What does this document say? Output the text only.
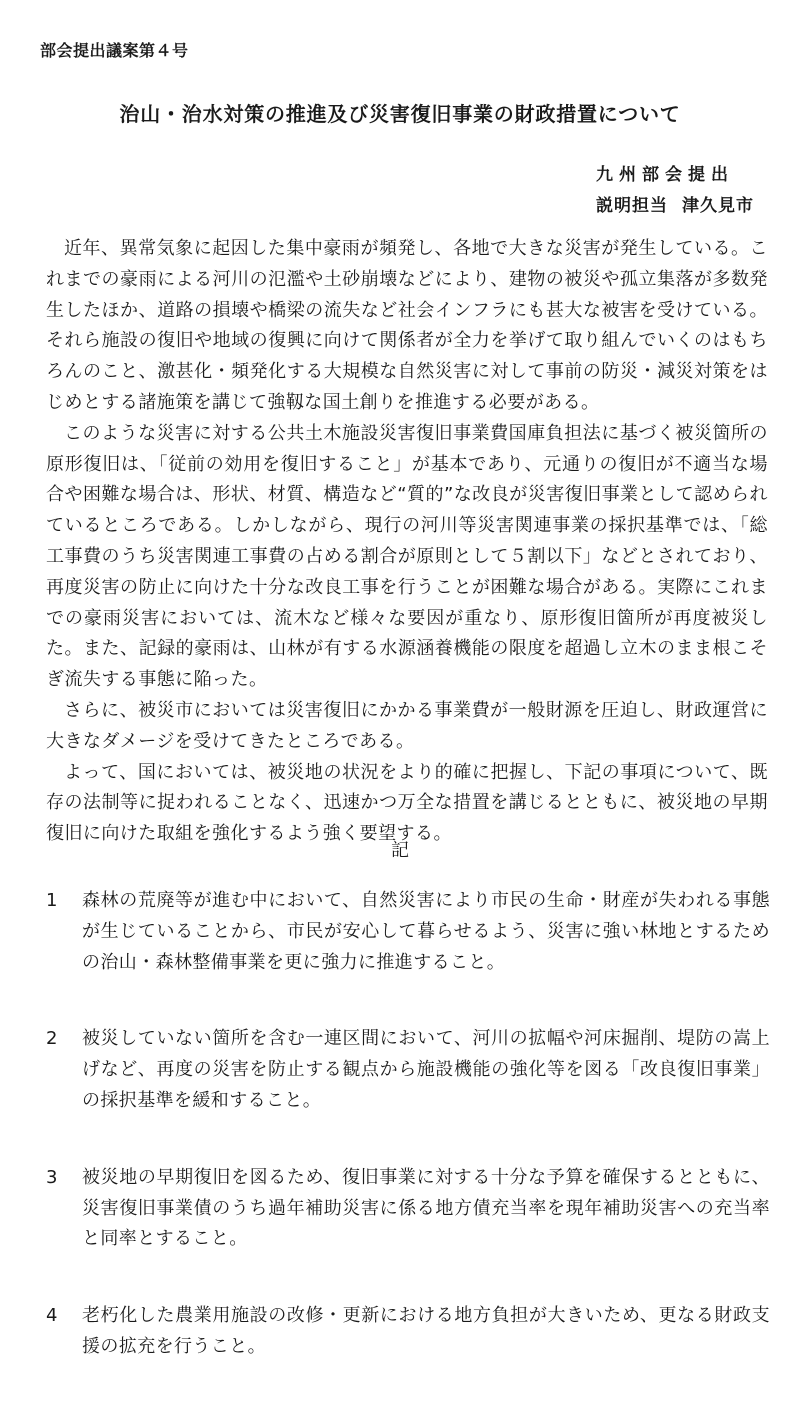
部会提出議案第４号
治山・治水対策の推進及び災害復旧事業の財政措置について
九州部会提出
説明担当 津久見市

近年、異常気象に起因した集中豪雨が頻発し、各地で大きな災害が発生している。これまでの豪雨による河川の氾濫や土砂崩壊などにより、建物の被災や孤立集落が多数発生したほか、道路の損壊や橋梁の流失など社会インフラにも甚大な被害を受けている。それら施設の復旧や地域の復興に向けて関係者が全力を挙げて取り組んでいくのはもちろんのこと、激甚化・頻発化する大規模な自然災害に対して事前の防災・減災対策をはじめとする諸施策を講じて強靱な国土創りを推進する必要がある。

このような災害に対する公共土木施設災害復旧事業費国庫負担法に基づく被災箇所の原形復旧は、「従前の効用を復旧すること」が基本であり、元通りの復旧が不適当な場合や困難な場合は、形状、材質、構造など“質的”な改良が災害復旧事業として認められているところである。しかしながら、現行の河川等災害関連事業の採択基準では、「総工事費のうち災害関連工事費の占める割合が原則として５割以下」などとされており、再度災害の防止に向けた十分な改良工事を行うことが困難な場合がある。実際にこれまでの豪雨災害においては、流木など様々な要因が重なり、原形復旧箇所が再度被災した。また、記録的豪雨は、山林が有する水源涵養機能の限度を超過し立木のまま根こそぎ流失する事態に陥った。

さらに、被災市においては災害復旧にかかる事業費が一般財源を圧迫し、財政運営に大きなダメージを受けてきたところである。

よって、国においては、被災地の状況をより的確に把握し、下記の事項について、既存の法制等に捉われることなく、迅速かつ万全な措置を講じるとともに、被災地の早期復旧に向けた取組を強化するよう強く要望する。

記
1	森林の荒廃等が進む中において、自然災害により市民の生命・財産が失われる事態が生じていることから、市民が安心して暮らせるよう、災害に強い林地とするための治山・森林整備事業を更に強力に推進すること。
2	被災していない箇所を含む一連区間において、河川の拡幅や河床掘削、堤防の嵩上げなど、再度の災害を防止する観点から施設機能の強化等を図る「改良復旧事業」の採択基準を緩和すること。
3	被災地の早期復旧を図るため、復旧事業に対する十分な予算を確保するとともに、災害復旧事業債のうち過年補助災害に係る地方債充当率を現年補助災害への充当率と同率とすること。
4	老朽化した農業用施設の改修・更新における地方負担が大きいため、更なる財政支援の拡充を行うこと。
